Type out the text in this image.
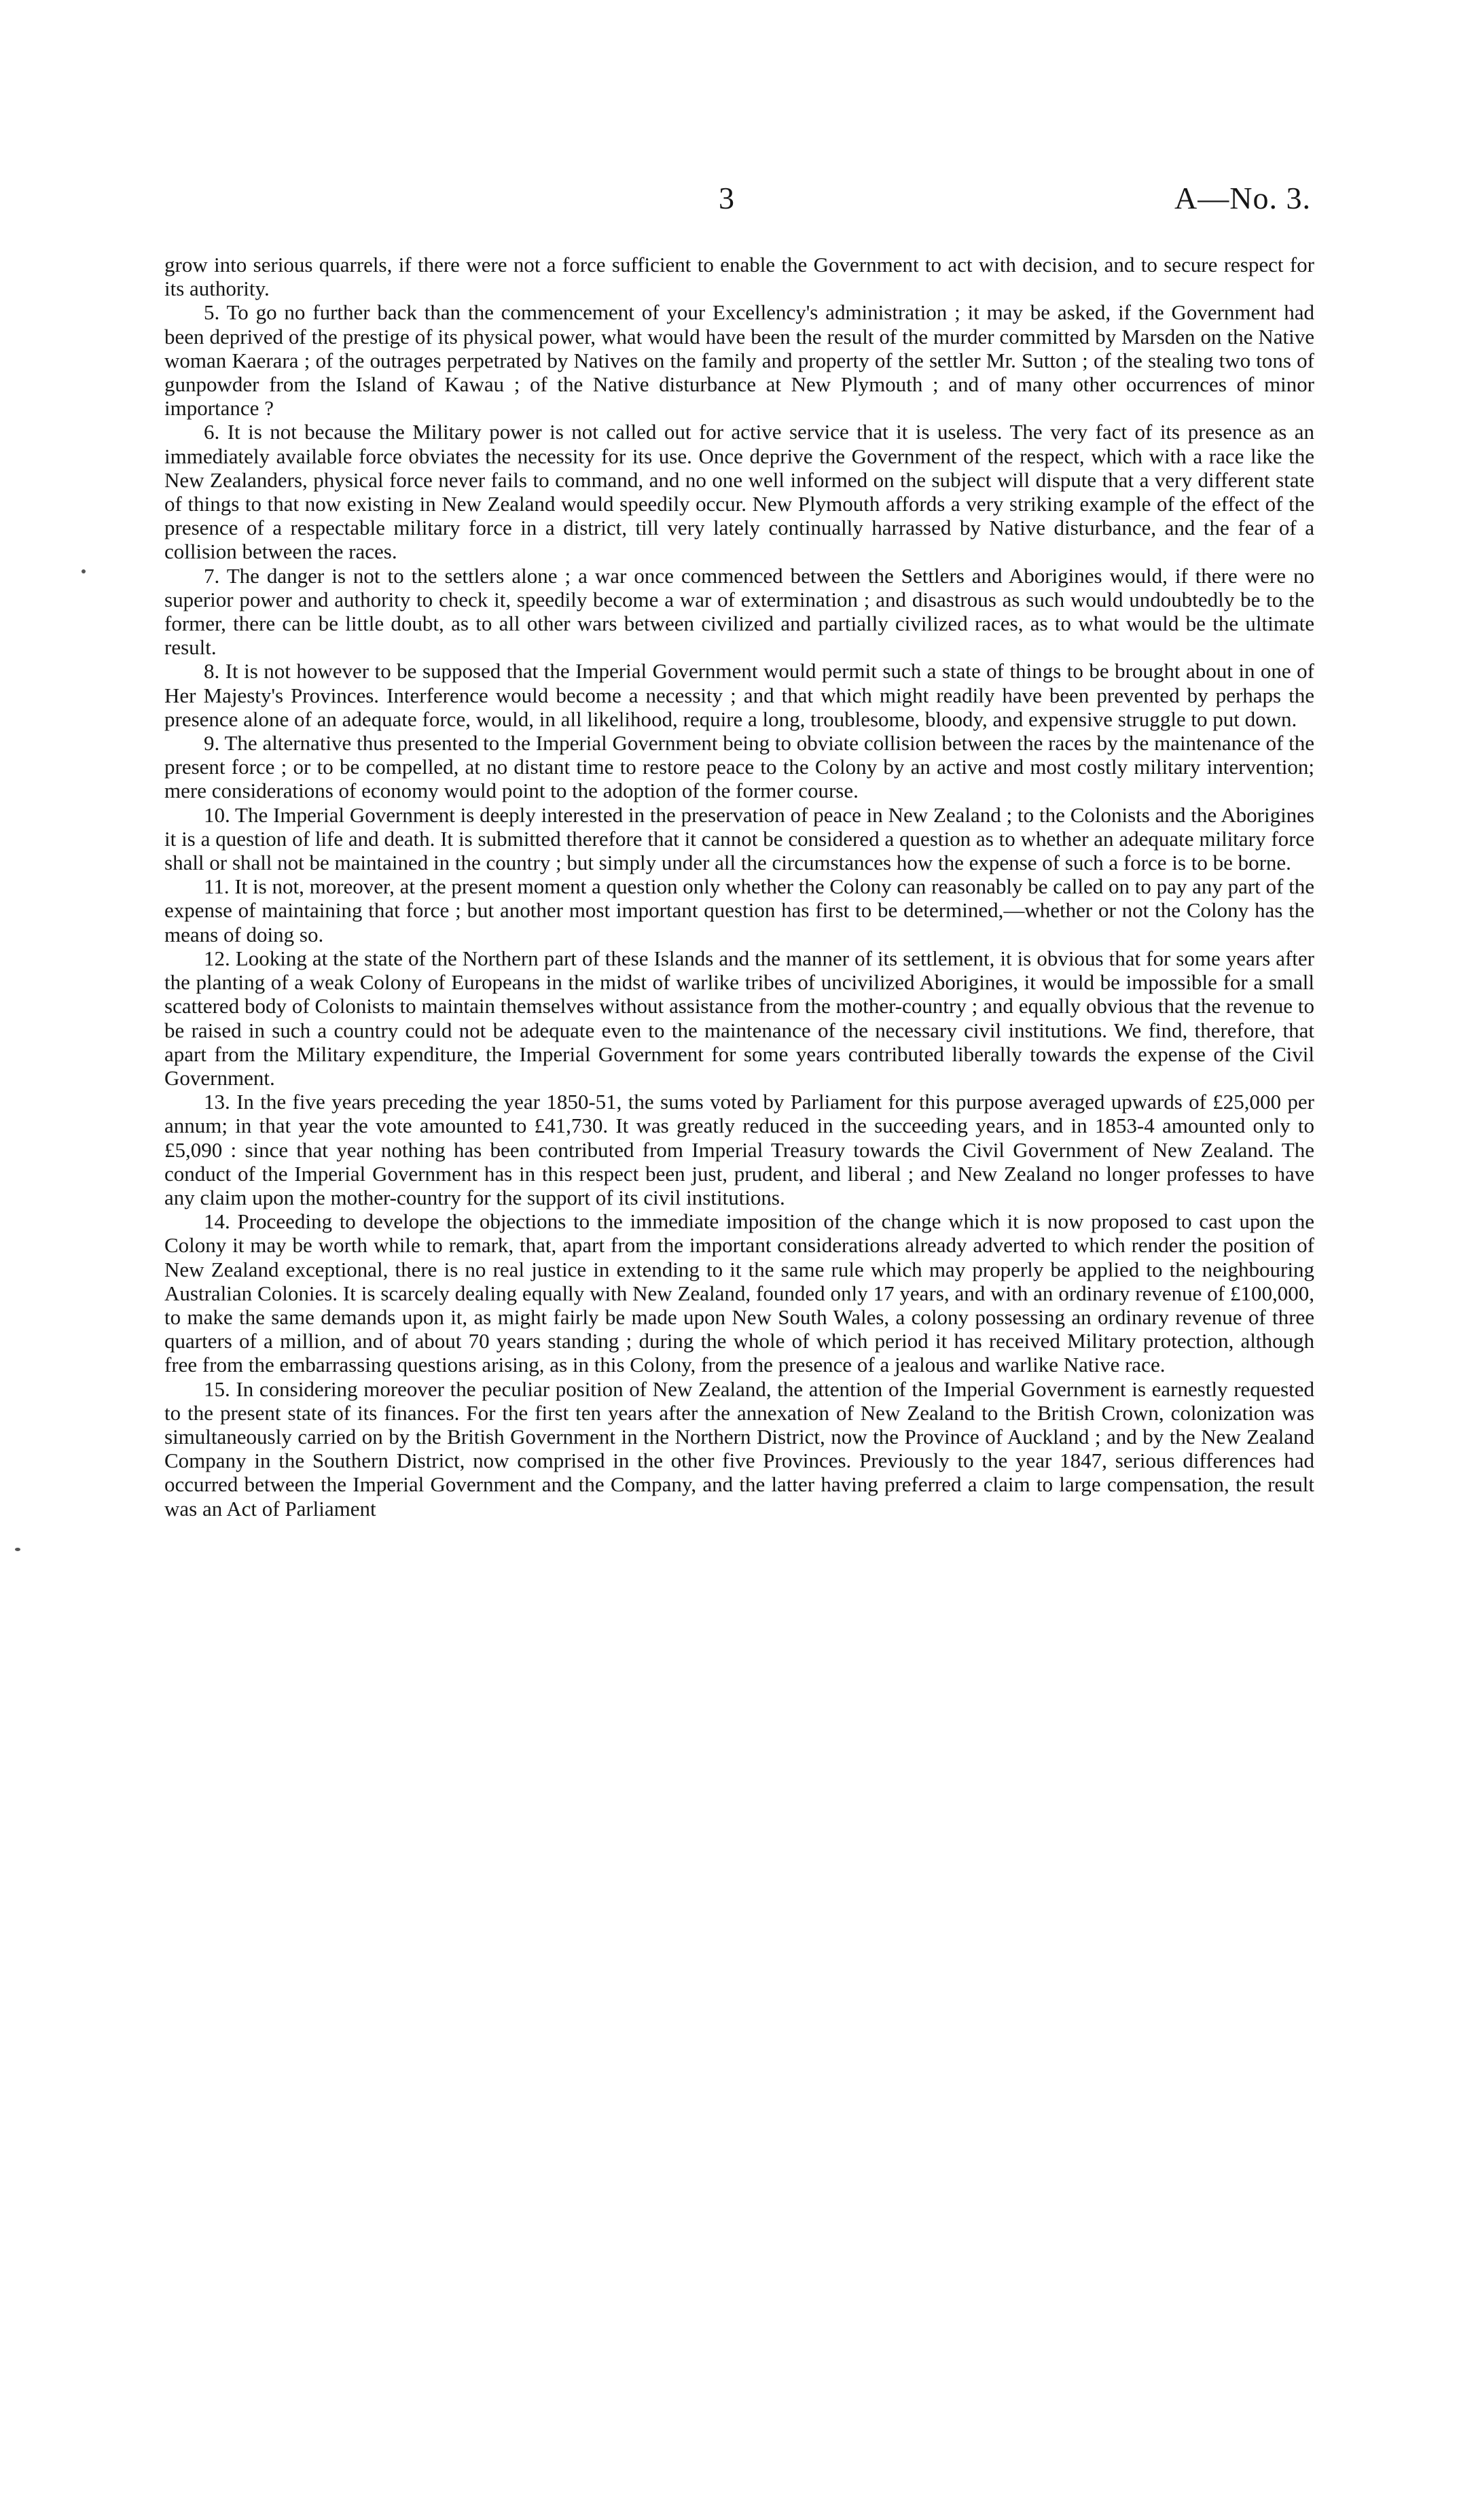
3	A—No. 3.

grow into serious quarrels, if there were not a force sufficient to enable the Government to act with decision, and to secure respect for its authority.

5. To go no further back than the commencement of your Excellency's administration ; it may be asked, if the Government had been deprived of the prestige of its physical power, what would have been the result of the murder committed by Marsden on the Native woman Kaerara ; of the outrages perpetrated by Natives on the family and property of the settler Mr. Sutton ; of the stealing two tons of gunpowder from the Island of Kawau ; of the Native disturbance at New Plymouth ; and of many other occurrences of minor importance ?

6. It is not because the Military power is not called out for active service that it is useless. The very fact of its presence as an immediately available force obviates the necessity for its use. Once deprive the Government of the respect, which with a race like the New Zealanders, physical force never fails to command, and no one well informed on the subject will dispute that a very different state of things to that now existing in New Zealand would speedily occur. New Plymouth affords a very striking example of the effect of the presence of a respectable military force in a district, till very lately continually harrassed by Native disturbance, and the fear of a collision between the races.

7. The danger is not to the settlers alone ; a war once commenced between the Settlers and Aborigines would, if there were no superior power and authority to check it, speedily become a war of extermination ; and disastrous as such would undoubtedly be to the former, there can be little doubt, as to all other wars between civilized and partially civilized races, as to what would be the ultimate result.

8. It is not however to be supposed that the Imperial Government would permit such a state of things to be brought about in one of Her Majesty's Provinces. Interference would become a necessity ; and that which might readily have been prevented by perhaps the presence alone of an adequate force, would, in all likelihood, require a long, troublesome, bloody, and expensive struggle to put down.

9. The alternative thus presented to the Imperial Government being to obviate collision between the races by the maintenance of the present force ; or to be compelled, at no distant time to restore peace to the Colony by an active and most costly military intervention; mere considerations of economy would point to the adoption of the former course.

10. The Imperial Government is deeply interested in the preservation of peace in New Zealand ; to the Colonists and the Aborigines it is a question of life and death. It is submitted therefore that it cannot be considered a question as to whether an adequate military force shall or shall not be maintained in the country ; but simply under all the circumstances how the expense of such a force is to be borne.

11. It is not, moreover, at the present moment a question only whether the Colony can reasonably be called on to pay any part of the expense of maintaining that force ; but another most important question has first to be determined,—whether or not the Colony has the means of doing so.

12. Looking at the state of the Northern part of these Islands and the manner of its settlement, it is obvious that for some years after the planting of a weak Colony of Europeans in the midst of warlike tribes of uncivilized Aborigines, it would be impossible for a small scattered body of Colonists to maintain themselves without assistance from the mother-country ; and equally obvious that the revenue to be raised in such a country could not be adequate even to the maintenance of the necessary civil institutions. We find, therefore, that apart from the Military expenditure, the Imperial Government for some years contributed liberally towards the expense of the Civil Government.

13. In the five years preceding the year 1850-51, the sums voted by Parliament for this purpose averaged upwards of £25,000 per annum; in that year the vote amounted to £41,730. It was greatly reduced in the succeeding years, and in 1853-4 amounted only to £5,090 : since that year nothing has been contributed from Imperial Treasury towards the Civil Government of New Zealand. The conduct of the Imperial Government has in this respect been just, prudent, and liberal ; and New Zealand no longer professes to have any claim upon the mother-country for the support of its civil institutions.

14. Proceeding to develope the objections to the immediate imposition of the change which it is now proposed to cast upon the Colony it may be worth while to remark, that, apart from the important considerations already adverted to which render the position of New Zealand exceptional, there is no real justice in extending to it the same rule which may properly be applied to the neighbouring Australian Colonies. It is scarcely dealing equally with New Zealand, founded only 17 years, and with an ordinary revenue of £100,000, to make the same demands upon it, as might fairly be made upon New South Wales, a colony possessing an ordinary revenue of three quarters of a million, and of about 70 years standing ; during the whole of which period it has received Military protection, although free from the embarrassing questions arising, as in this Colony, from the presence of a jealous and warlike Native race.

15. In considering moreover the peculiar position of New Zealand, the attention of the Imperial Government is earnestly requested to the present state of its finances. For the first ten years after the annexation of New Zealand to the British Crown, colonization was simultaneously carried on by the British Government in the Northern District, now the Province of Auckland ; and by the New Zealand Company in the Southern District, now comprised in the other five Provinces. Previously to the year 1847, serious differences had occurred between the Imperial Government and the Company, and the latter having preferred a claim to large compensation, the result was an Act of Parliament
